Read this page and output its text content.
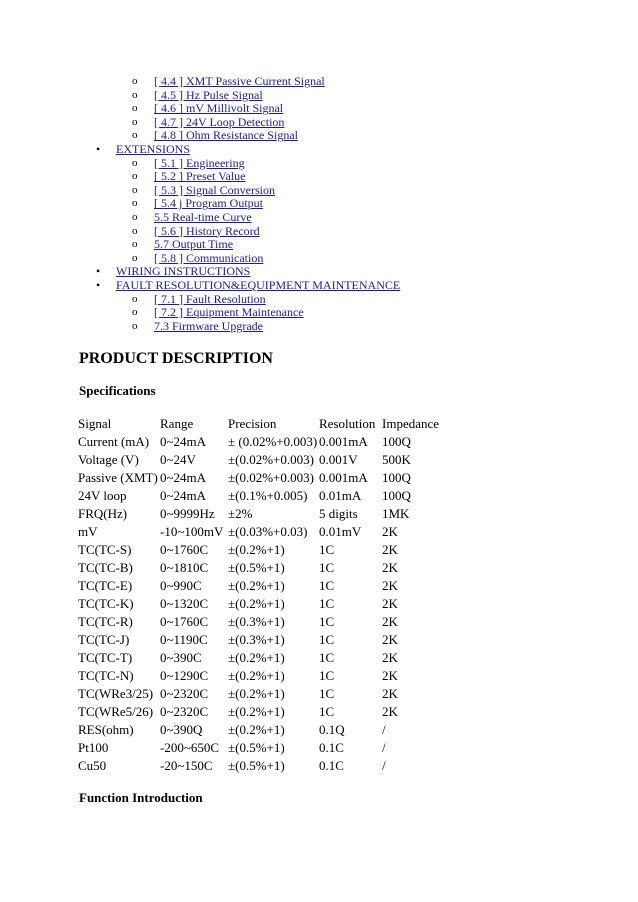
o [ 4.4 ] XMT Passive Current Signal
o [ 4.5 ] Hz Pulse Signal
o [ 4.6 ] mV Millivolt Signal
o [ 4.7 ] 24V Loop Detection
o [ 4.8 ] Ohm Resistance Signal
• EXTENSIONS
o [ 5.1 ] Engineering
o [ 5.2 ] Preset Value
o [ 5.3 ] Signal Conversion
o [ 5.4 j Program Output
o 5.5 Real-time Curve
o [ 5.6 ] History Record
o 5.7 Output Time
o [ 5.8 ] Communication
• WIRING INSTRUCTIONS
• FAULT RESOLUTION&EQUIPMENT MAINTENANCE
o [ 7.1 ] Fault Resolution
o [ 7.2 ] Equipment Maintenance
o 7.3 Firmware Upgrade
PRODUCT DESCRIPTION
Specifications
Signal	Range	Precision	Resolution	Impedance
Current (mA)	0~24mA	± (0.02%+0.003)	0.001mA	100Q
Voltage (V)	0~24V	±(0.02%+0.003)	0.001V	500K
Passive (XMT)	0~24mA	±(0.02%+0.003)	0.001mA	100Q
24V loop	0~24mA	±(0.1%+0.005)	0.01mA	100Q
FRQ(Hz)	0~9999Hz	±2%	5 digits	1MK
mV	-10~100mV	±(0.03%+0.03)	0.01mV	2K
TC(TC-S)	0~1760C	±(0.2%+1)	1C	2K
TC(TC-B)	0~1810C	±(0.5%+1)	1C	2K
TC(TC-E)	0~990C	±(0.2%+1)	1C	2K
TC(TC-K)	0~1320C	±(0.2%+1)	1C	2K
TC(TC-R)	0~1760C	±(0.3%+1)	1C	2K
TC(TC-J)	0~1190C	±(0.3%+1)	1C	2K
TC(TC-T)	0~390C	±(0.2%+1)	1C	2K
TC(TC-N)	0~1290C	±(0.2%+1)	1C	2K
TC(WRe3/25)	0~2320C	±(0.2%+1)	1C	2K
TC(WRe5/26)	0~2320C	±(0.2%+1)	1C	2K
RES(ohm)	0~390Q	±(0.2%+1)	0.1Q	/
Pt100	-200~650C	±(0.5%+1)	0.1C	/
Cu50	-20~150C	±(0.5%+1)	0.1C	/
Function Introduction
